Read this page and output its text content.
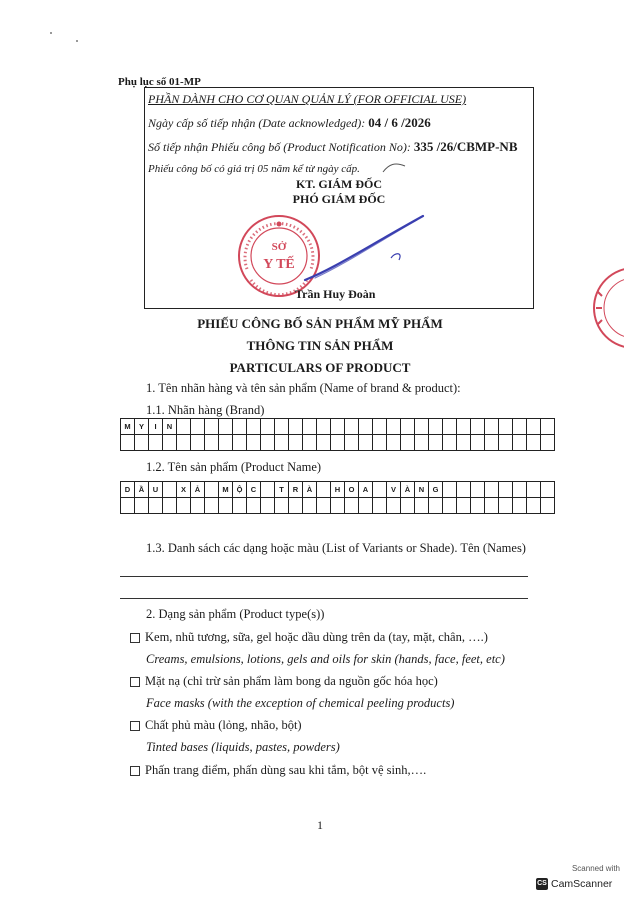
Phụ lục số 01-MP
PHẦN DÀNH CHO CƠ QUAN QUẢN LÝ (FOR OFFICIAL USE)
Ngày cấp số tiếp nhận (Date acknowledged): 04 / 6 /2026
Số tiếp nhận Phiếu công bố (Product Notification No): 335 /26/CBMP-NB
Phiếu công bố có giá trị 05 năm kể từ ngày cấp.
KT. GIÁM ĐỐC
PHÓ GIÁM ĐỐC
SỞ
Y TẾ
Trần Huy Đoàn
PHIẾU CÔNG BỐ SẢN PHẨM MỸ PHẨM
THÔNG TIN SẢN PHẨM
PARTICULARS OF PRODUCT
1. Tên nhãn hàng và tên sản phẩm (Name of brand & product):
1.1. Nhãn hàng (Brand)
M	Y	I	N																											

1.2. Tên sản phẩm (Product Name)
D	Ầ	U		X	Ả		M	Ộ	C		T	R	À		H	O	A		V	À	N	G								

1.3. Danh sách các dạng hoặc màu (List of Variants or Shade). Tên (Names)
2. Dạng sản phẩm (Product type(s))
Kem, nhũ tương, sữa, gel hoặc dầu dùng trên da (tay, mặt, chân, ….)
Creams, emulsions, lotions, gels and oils for skin (hands, face, feet, etc)
Mặt nạ (chỉ trừ sản phẩm làm bong da nguồn gốc hóa học)
Face masks (with the exception of chemical peeling products)
Chất phủ màu (lỏng, nhão, bột)
Tinted bases (liquids, pastes, powders)
Phấn trang điểm, phấn dùng sau khi tắm, bột vệ sinh,….
1
Scanned with
CS CamScanner
